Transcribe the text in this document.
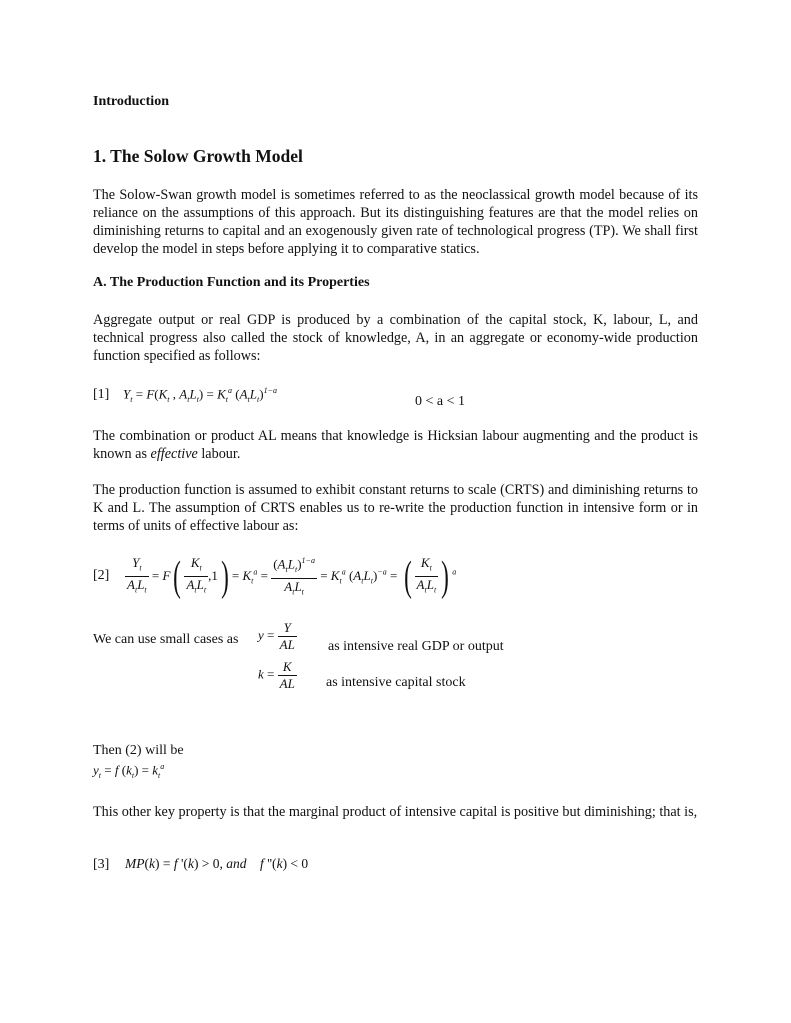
Introduction
1. The Solow Growth Model
The Solow-Swan growth model is sometimes referred to as the neoclassical growth model because of its reliance on the assumptions of this approach. But its distinguishing features are that the model relies on diminishing returns to capital and an exogenously given rate of technological progress (TP). We shall first develop the model in steps before applying it to comparative statics.
A. The Production Function and its Properties
Aggregate output or real GDP is produced by a combination of the capital stock, K, labour, L, and technical progress also called the stock of knowledge, A, in an aggregate or economy-wide production function specified as follows:
[1] $Y_t = F(K_t$ , $A_tL_t) = K_t^a$ $(A_tL_t)^{1-a}$
0 < a < 1
The combination or product AL means that knowledge is Hicksian labour augmenting and the product is known as effective labour.
The production function is assumed to exhibit constant returns to scale (CRTS) and diminishing returns to K and L. The assumption of CRTS enables us to re-write the production function in intensive form or in terms of units of effective labour as:
$[2] \frac{Y_t}{A_tL_t} = F( \frac{K_t}{A_tL_t} ,1) = K_t^a = \frac{(A_tL_t)^{1-a}}{A_tL_t} = K_t^a$ $(A_tL_t)^{-a}$ = ( $\frac{K_t}{A_tL_t}$ ) $^a$
We can use small cases as $y = \frac{Y}{AL}$ as intensive real GDP or output
$k = \frac{K}{AL}$ as intensive capital stock
Then (2) will be
$y_t = f$ $(k_t) = k_t^a$
This other key property is that the marginal product of intensive capital is positive but diminishing; that is,
[3] MP(k) = f '(k) > 0, and    f ''(k) < 0
